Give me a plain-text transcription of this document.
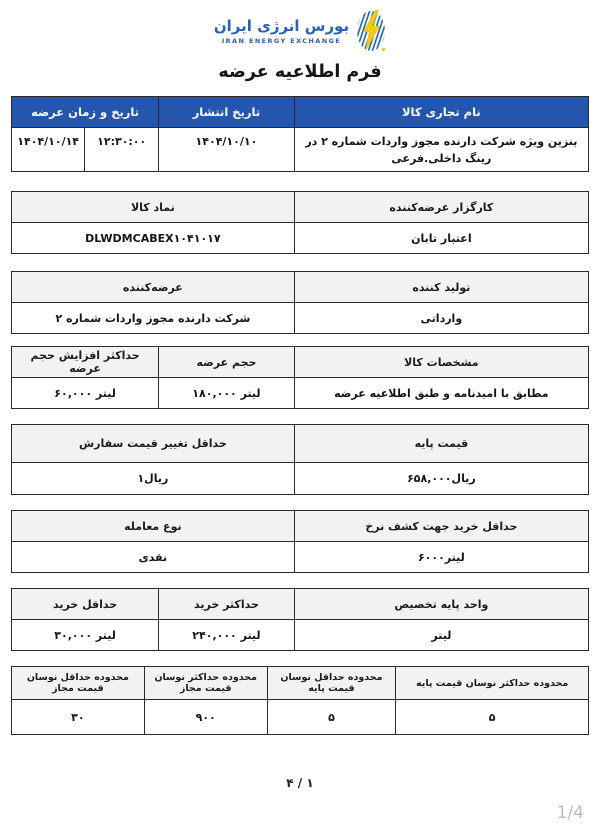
بورس انرژی ایران
IRAN ENERGY EXCHANGE
فرم اطلاعیه عرضه
نام تجاری کالا	تاریخ انتشار	تاریخ و زمان عرضه	
بنزین ویژه شرکت دارنده مجوز واردات شماره ۲ در رینگ داخلی.فرعی	۱۴۰۴/۱۰/۱۰	۱۲:۳۰:۰۰	۱۴۰۴/۱۰/۱۴
کارگزار عرضه‌کننده	نماد کالا
اعتبار تابان	DLWDMCABEX۱۰۴۱۰۱۷
تولید کننده	عرضه‌کننده
وارداتی	شرکت دارنده مجوز واردات شماره ۲
مشخصات کالا	حجم عرضه	حداکثر افزایش حجم عرضه
مطابق با امیدنامه و طبق اطلاعیه عرضه	لیتر ۱۸۰,۰۰۰	لیتر ۶۰,۰۰۰
قیمت پایه	حداقل تغییر قیمت سفارش
ریال۶۵۸,۰۰۰	ریال۱
حداقل خرید جهت کشف نرخ	نوع معامله
لیتر۶۰۰۰	نقدی
واحد پایه تخصیص	حداکثر خرید	حداقل خرید
لیتر	لیتر ۲۴۰,۰۰۰	لیتر ۳۰,۰۰۰
محدوده حداکثر نوسان قیمت پایه	محدوده حداقل نوسان قیمت پایه	محدوده حداکثر نوسان قیمت مجاز	محدوده حداقل نوسان قیمت مجاز
۵	۵	۹۰۰	۳۰
۱ / ۴
1/4
